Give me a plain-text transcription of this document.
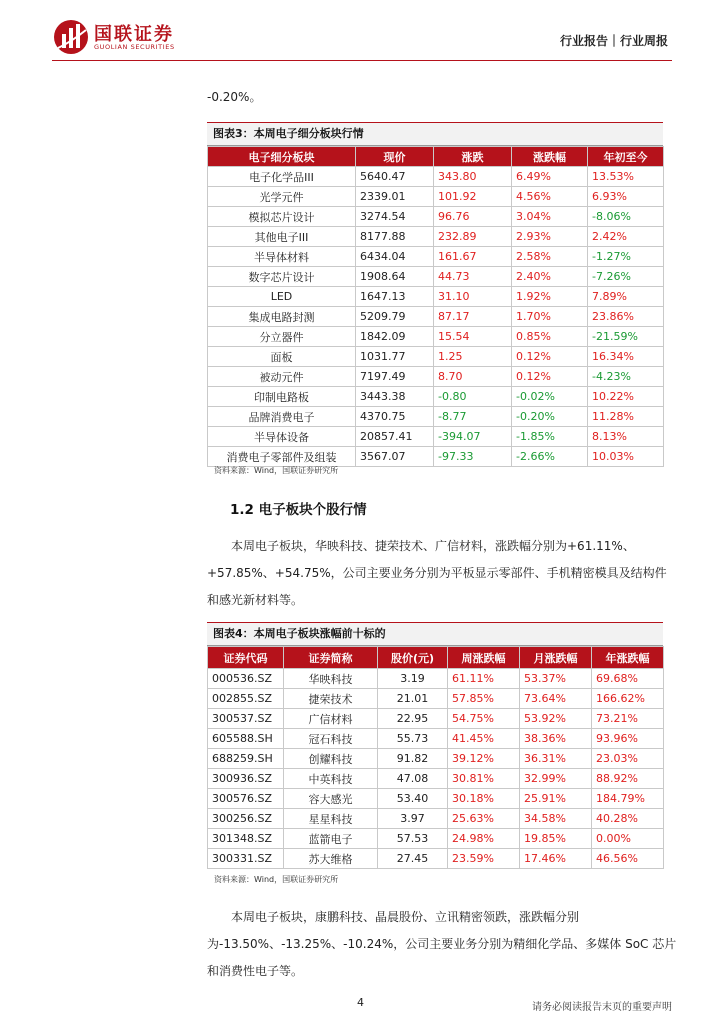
国联证券
GUOLIAN SECURITIES	行业报告｜行业周报
-0.20%。
图表3：本周电子细分板块行情
电子细分板块	现价	涨跌	涨跌幅	年初至今
电子化学品III	5640.47	343.80	6.49%	13.53%
光学元件	2339.01	101.92	4.56%	6.93%
模拟芯片设计	3274.54	96.76	3.04%	-8.06%
其他电子III	8177.88	232.89	2.93%	2.42%
半导体材料	6434.04	161.67	2.58%	-1.27%
数字芯片设计	1908.64	44.73	2.40%	-7.26%
LED	1647.13	31.10	1.92%	7.89%
集成电路封测	5209.79	87.17	1.70%	23.86%
分立器件	1842.09	15.54	0.85%	-21.59%
面板	1031.77	1.25	0.12%	16.34%
被动元件	7197.49	8.70	0.12%	-4.23%
印制电路板	3443.38	-0.80	-0.02%	10.22%
品牌消费电子	4370.75	-8.77	-0.20%	11.28%
半导体设备	20857.41	-394.07	-1.85%	8.13%
消费电子零部件及组装	3567.07	-97.33	-2.66%	10.03%
资料来源：Wind，国联证券研究所
1.2 电子板块个股行情

本周电子板块，华映科技、捷荣技术、广信材料，涨跌幅分别为+61.11%、+57.85%、+54.75%，公司主要业务分别为平板显示零部件、手机精密模具及结构件和感光新材料等。

图表4：本周电子板块涨幅前十标的
证券代码	证券简称	股价(元)	周涨跌幅	月涨跌幅	年涨跌幅
000536.SZ	华映科技	3.19	61.11%	53.37%	69.68%
002855.SZ	捷荣技术	21.01	57.85%	73.64%	166.62%
300537.SZ	广信材料	22.95	54.75%	53.92%	73.21%
605588.SH	冠石科技	55.73	41.45%	38.36%	93.96%
688259.SH	创耀科技	91.82	39.12%	36.31%	23.03%
300936.SZ	中英科技	47.08	30.81%	32.99%	88.92%
300576.SZ	容大感光	53.40	30.18%	25.91%	184.79%
300256.SZ	星星科技	3.97	25.63%	34.58%	40.28%
301348.SZ	蓝箭电子	57.53	24.98%	19.85%	0.00%
300331.SZ	苏大维格	27.45	23.59%	17.46%	46.56%
资料来源：Wind，国联证券研究所

本周电子板块，康鹏科技、晶晨股份、立讯精密领跌，涨跌幅分别为-13.50%、-13.25%、-10.24%，公司主要业务分别为精细化学品、多媒体 SoC 芯片和消费性电子等。

4	请务必阅读报告末页的重要声明
